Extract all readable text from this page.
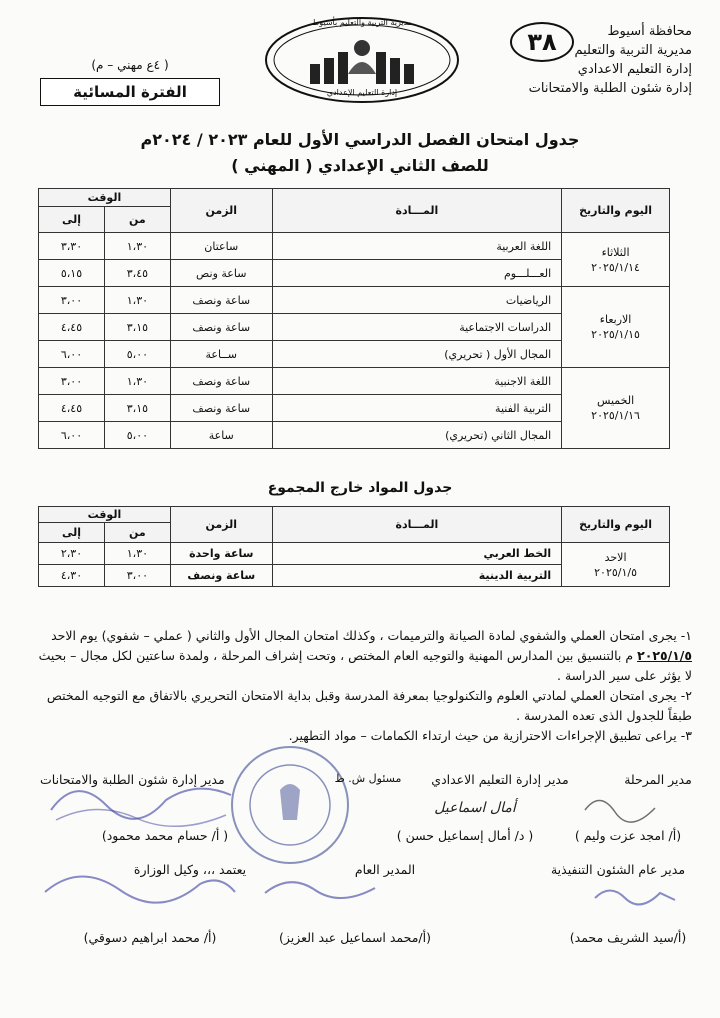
محافظة أسيوط
مديرية التربية والتعليم
إدارة التعليم الاعدادي
إدارة شئون الطلبة والامتحانات
٣٨
مديرية التربية والتعليم بأسيوط
إدارة التعليم الإعدادي
( ٤ع مهني – م)
الفترة المسائية
جدول امتحان الفصل الدراسي الأول للعام ٢٠٢٣ / ٢٠٢٤م
للصف الثاني الإعدادي ( المهني )
اليوم والتاريخ	المـــادة	الزمن	الوقت	
			من	إلى

الثلاثاء
٢٠٢٥/١/١٤	اللغة العربية	ساعتان	١،٣٠	٣،٣٠
	العـــلـــوم	ساعة ونص	٣،٤٥	٥،١٥

الاربعاء
٢٠٢٥/١/١٥	الرياضيات	ساعة ونصف	١،٣٠	٣،٠٠
	الدراسات الاجتماعية	ساعة ونصف	٣،١٥	٤،٤٥
	المجال الأول ( تحريري)	ســاعة	٥،٠٠	٦،٠٠

الخميس
٢٠٢٥/١/١٦	اللغة الاجنبية	ساعة ونصف	١،٣٠	٣،٠٠
	التربية الفنية	ساعة ونصف	٣،١٥	٤،٤٥
	المجال الثاني (تحريري)	ساعة	٥،٠٠	٦،٠٠
جدول المواد خارج المجموع
اليوم والتاريخ	المـــادة	الزمن	الوقت	
			من	إلى

الاحد
٢٠٢٥/١/٥	الخط العربي	ساعة واحدة	١،٣٠	٢،٣٠
	التربية الدينية	ساعة ونصف	٣،٠٠	٤،٣٠

١- يجرى امتحان العملي والشفوي لمادة الصيانة والترميمات ، وكذلك امتحان المجال الأول والثاني ( عملي – شفوي) يوم الاحد ٢٠٢٥/١/٥ م بالتنسيق بين المدارس المهنية والتوجيه العام المختص ، وتحت إشراف المرحلة ، ولمدة ساعتين لكل مجال – بحيث لا يؤثر على سير الدراسة .

٢- يجرى امتحان العملي لمادتي العلوم والتكنولوجيا بمعرفة المدرسة وقبل بداية الامتحان التحريري بالاتفاق مع التوجيه المختص طبقاً للجدول الذى تعده المدرسة .

٣- يراعى تطبيق الإجراءات الاحترازية من حيث ارتداء الكمامات – مواد التطهير.

مدير المرحلة
مدير إدارة التعليم الاعدادي
مسئول ش. ط
مدير إدارة شئون الطلبة والامتحانات
أمال اسماعيل
(أ/ امجد عزت وليم )
( د/ أمال إسماعيل حسن )
( أ/ حسام محمد محمود)
مدير عام الشئون التنفيذية
المدير العام
يعتمد ،،، وكيل الوزارة
(أ/سيد الشريف محمد)
(أ/محمد اسماعيل عبد العزيز)
(أ/ محمد ابراهيم دسوقي)
